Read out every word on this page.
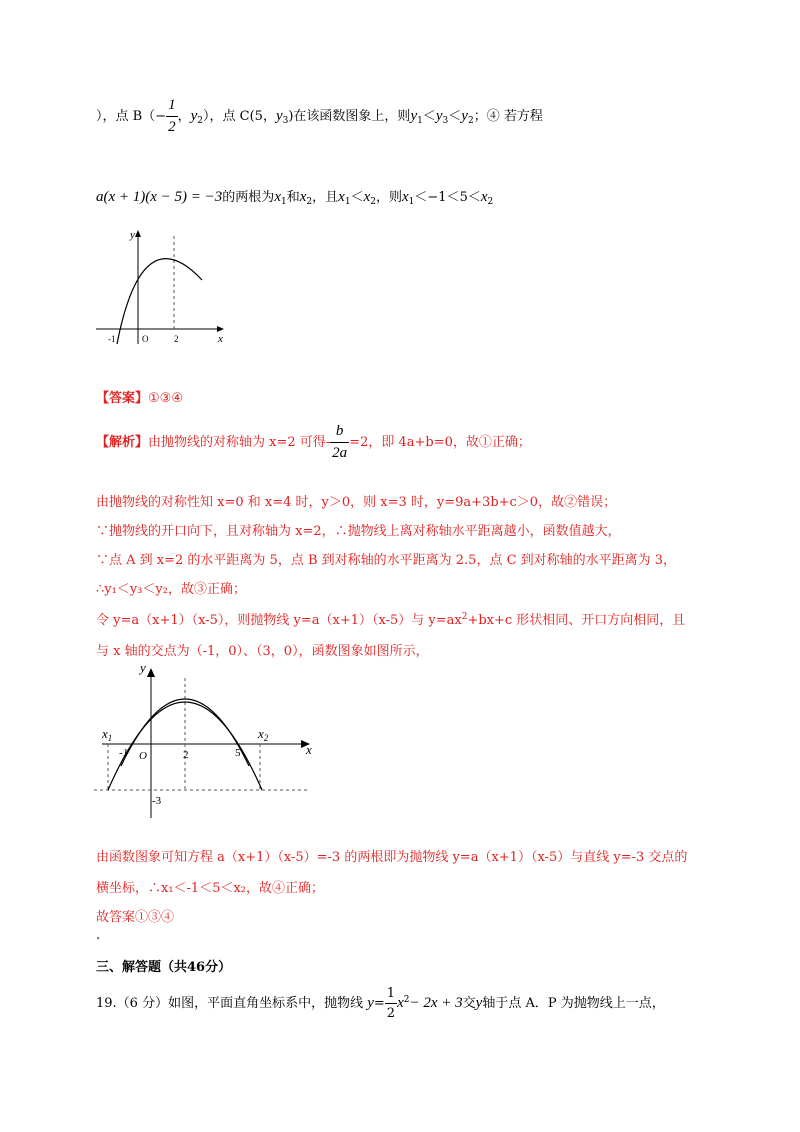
），点 $B(- \frac{1}{2}$ ，$y_2$），点 C(5，$y_3$)在该函数图象上，则$y_1<y_3<y_2$；④ 若方程
a(x + 1)(x − 5) = −3的两根为$x_1$和$x_2$，且$x_1<x_2$，则$x_1<-1<5<x_2$
y
x
-1	O	2
【答案】①③④
【解析】由抛物线的对称轴为 x=2 可得- $\frac{b}{2a} =2$，即 4a+b=0，故①正确；
由抛物线的对称性知 x=0 和 x=4 时，y＞0，则 x=3 时，y=9a+3b+c＞0，故②错误；
∵抛物线的开口向下，且对称轴为 x=2，∴抛物线上离对称轴水平距离越小，函数值越大，
∵点 A 到 x=2 的水平距离为 5，点 B 到对称轴的水平距离为 2.5，点 C 到对称轴的水平距离为 3，
∴y₁＜y₃＜y₂，故③正确；
令 y=a（x+1）（x-5），则抛物线 y=a（x+1）（x-5）与 $y=ax^2+bx+c$ 形状相同、开口方向相同，且
与 x 轴的交点为（-1，0）、（3，0），函数图象如图所示，
y
x
$x_1$	$x_2$
-1 O	2	5
-3
由函数图象可知方程 a（x+1）（x-5）=-3 的两根即为抛物线 y=a（x+1）（x-5）与直线 y=-3 交点的
横坐标，∴x₁＜-1＜5＜x₂，故④正确；
故答案①③④
.
三、解答题（共46分）
19.（6 分）如图，平面直角坐标系中，抛物线 $y= \frac{1}{2} x^2- 2x + 3$交y轴于点 A．P 为抛物线上一点，
